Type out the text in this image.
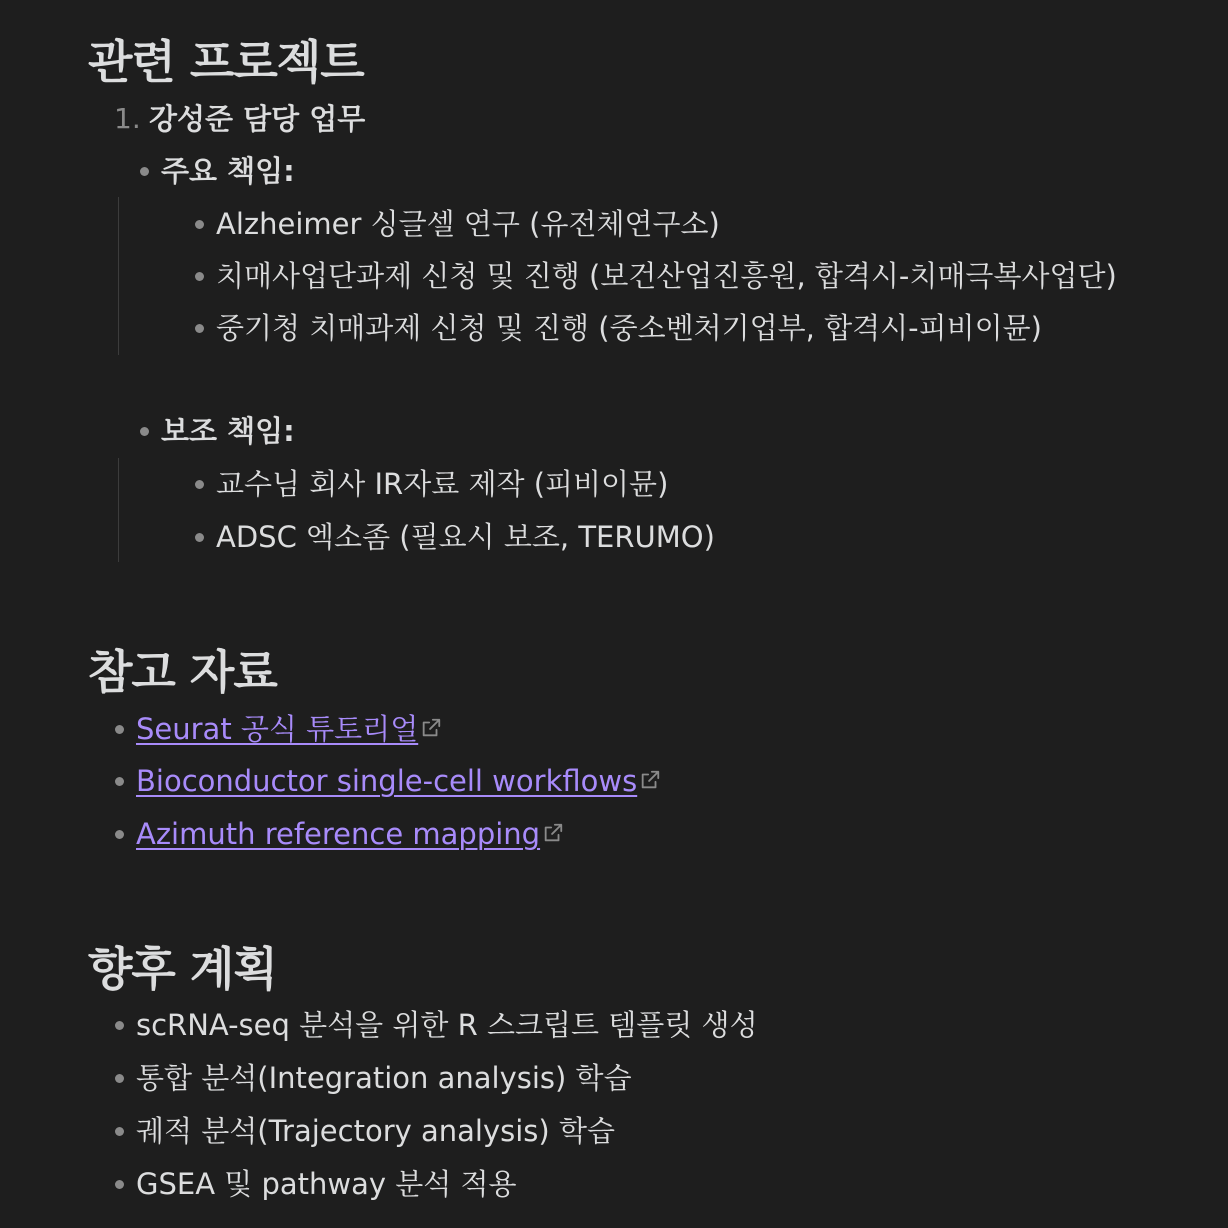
관련 프로젝트
1. 강성준 담당 업무
주요 책임:
Alzheimer 싱글셀 연구 (유전체연구소)
치매사업단과제 신청 및 진행 (보건산업진흥원, 합격시-치매극복사업단)
중기청 치매과제 신청 및 진행 (중소벤처기업부, 합격시-피비이뮨)
보조 책임:
교수님 회사 IR자료 제작 (피비이뮨)
ADSC 엑소좀 (필요시 보조, TERUMO)
참고 자료
Seurat 공식 튜토리얼
Bioconductor single-cell workflows
Azimuth reference mapping
향후 계획
scRNA-seq 분석을 위한 R 스크립트 템플릿 생성
통합 분석(Integration analysis) 학습
궤적 분석(Trajectory analysis) 학습
GSEA 및 pathway 분석 적용
